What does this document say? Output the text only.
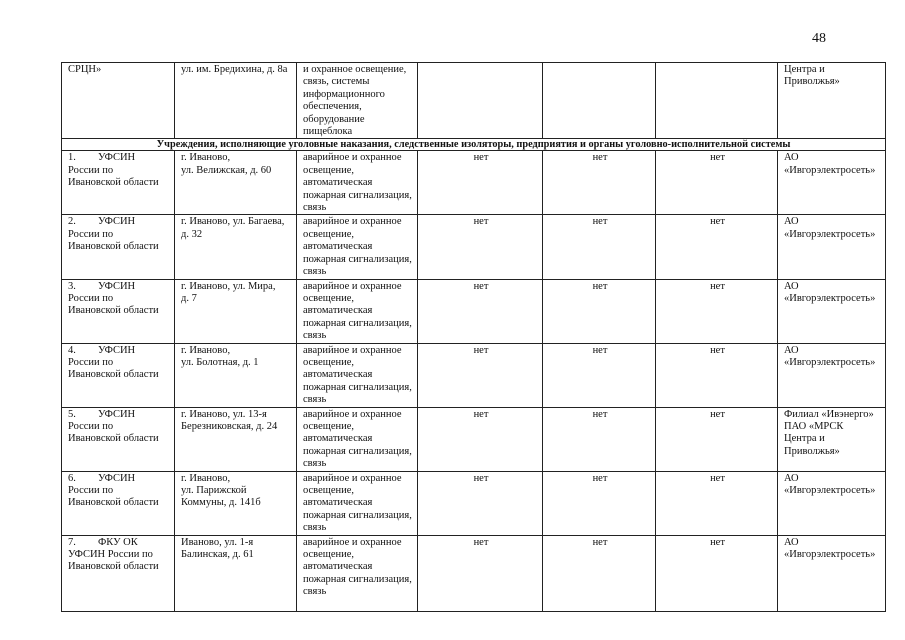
48
СРЦН»	ул. им. Бредихина, д. 8а	и охранное освещение,
связь, системы
информационного
обеспечения,
оборудование пищеблока				Центра и
Приволжья»
Учреждения, исполняющие уголовные наказания, следственные изоляторы, предприятия и органы уголовно-исполнительной системы						
1. УФСИН
России по
Ивановской области	г. Иваново,
ул. Велижская, д. 60	аварийное и охранное
освещение,
автоматическая
пожарная сигнализация,
связь	нет	нет	нет	АО
«Ивгорэлектросеть»
2. УФСИН
России по
Ивановской области	г. Иваново, ул. Багаева,
д. 32	аварийное и охранное
освещение,
автоматическая
пожарная сигнализация,
связь	нет	нет	нет	АО
«Ивгорэлектросеть»
3. УФСИН
России по
Ивановской области	г. Иваново, ул. Мира,
д. 7	аварийное и охранное
освещение,
автоматическая
пожарная сигнализация,
связь	нет	нет	нет	АО
«Ивгорэлектросеть»
4. УФСИН
России по
Ивановской области	г. Иваново,
ул. Болотная, д. 1	аварийное и охранное
освещение,
автоматическая
пожарная сигнализация,
связь	нет	нет	нет	АО
«Ивгорэлектросеть»
5. УФСИН
России по
Ивановской области	г. Иваново, ул. 13-я
Березниковская, д. 24	аварийное и охранное
освещение,
автоматическая
пожарная сигнализация,
связь	нет	нет	нет	Филиал «Ивэнерго»
ПАО «МРСК
Центра и
Приволжья»
6. УФСИН
России по
Ивановской области	г. Иваново,
ул. Парижской
Коммуны, д. 141б	аварийное и охранное
освещение,
автоматическая
пожарная сигнализация,
связь	нет	нет	нет	АО
«Ивгорэлектросеть»
7. ФКУ ОК
УФСИН России по
Ивановской области	Иваново, ул. 1-я
Балинская, д. 61	аварийное и охранное
освещение,
автоматическая
пожарная сигнализация,
связь	нет	нет	нет	АО
«Ивгорэлектросеть»
